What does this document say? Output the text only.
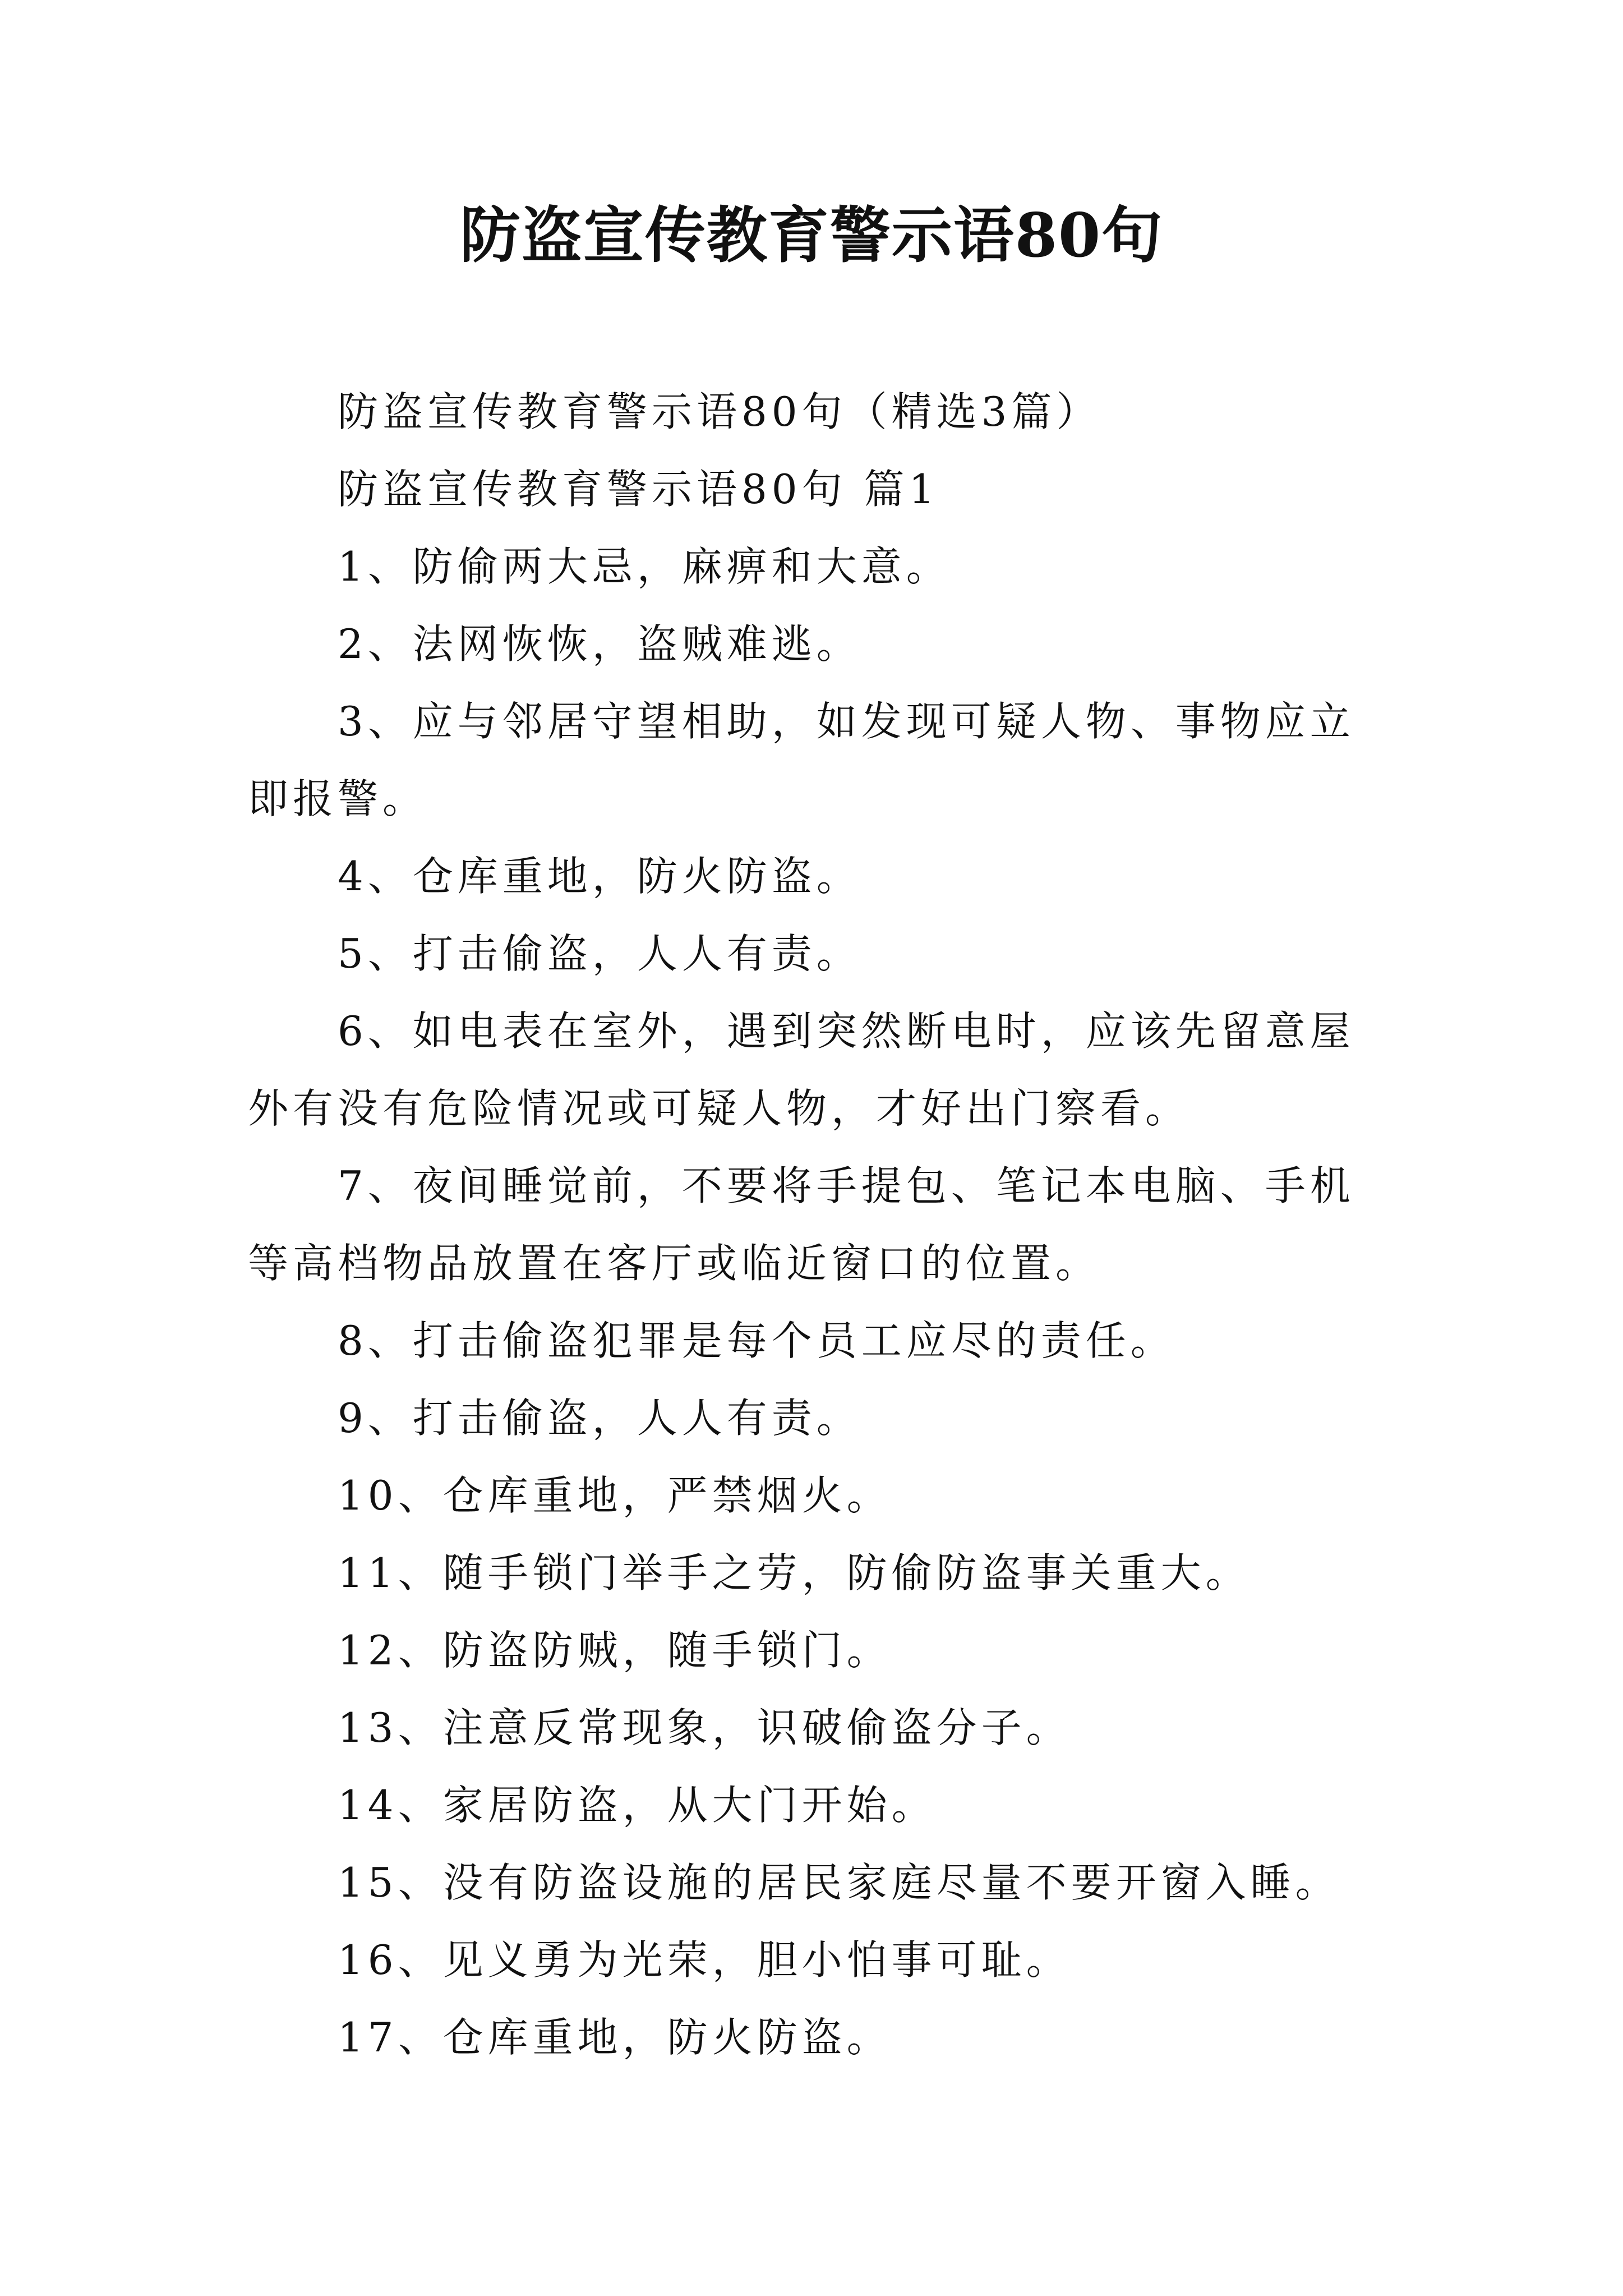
防盗宣传教育警示语80句

防盗宣传教育警示语80句（精选3篇）

防盗宣传教育警示语80句 篇1

1、防偷两大忌，麻痹和大意。

2、法网恢恢，盗贼难逃。

3、应与邻居守望相助，如发现可疑人物、事物应立即报警。

4、仓库重地，防火防盗。

5、打击偷盗，人人有责。

6、如电表在室外，遇到突然断电时，应该先留意屋外有没有危险情况或可疑人物，才好出门察看。

7、夜间睡觉前，不要将手提包、笔记本电脑、手机等高档物品放置在客厅或临近窗口的位置。

8、打击偷盗犯罪是每个员工应尽的责任。

9、打击偷盗，人人有责。

10、仓库重地，严禁烟火。

11、随手锁门举手之劳，防偷防盗事关重大。

12、防盗防贼，随手锁门。

13、注意反常现象，识破偷盗分子。

14、家居防盗，从大门开始。

15、没有防盗设施的居民家庭尽量不要开窗入睡。

16、见义勇为光荣，胆小怕事可耻。

17、仓库重地，防火防盗。
